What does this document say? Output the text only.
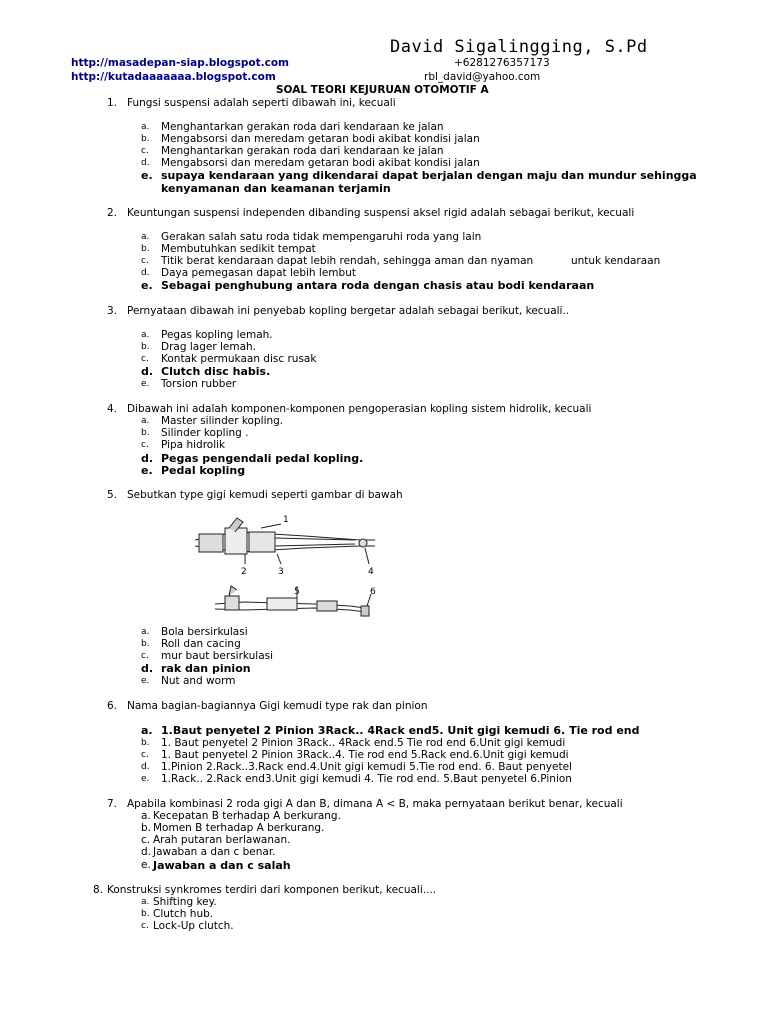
David Sigalingging, S.Pd
http://masadepan-siap.blogspot.com	+6281276357173
http://kutadaaaaaaa.blogspot.com	rbl_david@yahoo.com
SOAL TEORI KEJURUAN OTOMOTIF A
1. Fungsi suspensi adalah seperti dibawah ini, kecuali
a. Menghantarkan gerakan roda dari kendaraan ke jalan
b. Mengabsorsi dan meredam getaran bodi akibat kondisi jalan
c. Menghantarkan gerakan roda dari kendaraan ke jalan
d. Mengabsorsi dan meredam getaran bodi akibat kondisi jalan
e. supaya kendaraan yang dikendarai dapat berjalan dengan maju dan mundur sehingga
kenyamanan dan keamanan terjamin
2. Keuntungan suspensi independen dibanding suspensi aksel rigid adalah sebagai berikut, kecuali
a. Gerakan salah satu roda tidak mempengaruhi roda yang lain
b. Membutuhkan sedikit tempat
c. Titik berat kendaraan dapat lebih rendah, sehingga aman dan nyaman	untuk kendaraan
d. Daya pemegasan dapat lebih lembut
e. Sebagai penghubung antara roda dengan chasis atau bodi kendaraan
3. Pernyataan dibawah ini penyebab kopling bergetar adalah sebagai berikut, kecuali..
a. Pegas kopling lemah.
b. Drag lager lemah.
c. Kontak permukaan disc rusak
d. Clutch disc habis.
e. Torsion rubber
4. Dibawah ini adalah komponen-komponen pengoperasian kopling sistem hidrolik, kecuali
a. Master silinder kopling.
b. Silinder kopling .
c. Pipa hidrolik
d. Pegas pengendali pedal kopling.
e. Pedal kopling
5. Sebutkan type gigi kemudi seperti gambar di bawah
1
2	3	4
5	6
a. Bola bersirkulasi
b. Roll dan cacing
c. mur baut bersirkulasi
d. rak dan pinion
e. Nut and worm
6. Nama bagian-bagiannya Gigi kemudi type rak dan pinion
a. 1.Baut penyetel 2 Pinion 3Rack.. 4Rack end5. Unit gigi kemudi 6. Tie rod end
b. 1. Baut penyetel 2 Pinion 3Rack.. 4Rack end.5 Tie rod end 6.Unit gigi kemudi
c. 1. Baut penyetel 2 Pinion 3Rack..4. Tie rod end 5.Rack end.6.Unit gigi kemudi
d. 1.Pinion 2.Rack..3.Rack end.4.Unit gigi kemudi 5.Tie rod end. 6. Baut penyetel
e. 1.Rack.. 2.Rack end3.Unit gigi kemudi 4. Tie rod end. 5.Baut penyetel 6.Pinion
7. Apabila kombinasi 2 roda gigi A dan B, dimana A < B, maka pernyataan berikut benar, kecuali
a. Kecepatan B terhadap A berkurang.
b. Momen B terhadap A berkurang.
c. Arah putaran berlawanan.
d. Jawaban a dan c benar.
e. Jawaban a dan c salah
8. Konstruksi synkromes terdiri dari komponen berikut, kecuali....
a. Shifting key.
b. Clutch hub.
c. Lock-Up clutch.
